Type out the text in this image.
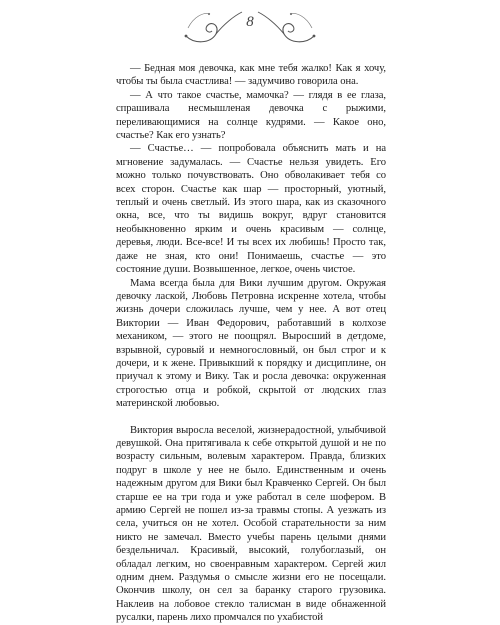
8

— Бедная моя девочка, как мне тебя жалко! Как я хочу, чтобы ты была счастлива! — задумчиво говорила она.

— А что такое счастье, мамочка? — глядя в ее глаза, спрашивала несмышленая девочка с рыжими, переливающимися на солнце кудрями. — Какое оно, счастье? Как его узнать?

— Счастье… — попробовала объяснить мать и на мгновение задумалась. — Счастье нельзя увидеть. Его можно только почувствовать. Оно обволакивает тебя со всех сторон. Счастье как шар — просторный, уютный, теплый и очень светлый. Из этого шара, как из сказочного окна, все, что ты видишь вокруг, вдруг становится необыкновенно ярким и очень красивым — солнце, деревья, люди. Все-все! И ты всех их любишь! Просто так, даже не зная, кто они! Понимаешь, счастье — это состояние души. Возвышенное, легкое, очень чистое.

Мама всегда была для Вики лучшим другом. Окружая девочку лаской, Любовь Петровна искренне хотела, чтобы жизнь дочери сложилась лучше, чем у нее. А вот отец Виктории — Иван Федорович, работавший в колхозе механиком, — этого не поощрял. Выросший в детдоме, взрывной, суровый и немногословный, он был строг и к дочери, и к жене. Привыкший к порядку и дисциплине, он приучал к этому и Вику. Так и росла девочка: окруженная строгостью отца и робкой, скрытой от людских глаз материнской любовью.

Виктория выросла веселой, жизнерадостной, улыбчивой девушкой. Она притягивала к себе открытой душой и не по возрасту сильным, волевым характером. Правда, близких подруг в школе у нее не было. Единственным и очень надежным другом для Вики был Кравченко Сергей. Он был старше ее на три года и уже работал в селе шофером. В армию Сергей не пошел из-за травмы стопы. А уезжать из села, учиться он не хотел. Особой старательности за ним никто не замечал. Вместо учебы парень целыми днями бездельничал. Красивый, высокий, голубоглазый, он обладал легким, но своенравным характером. Сергей жил одним днем. Раздумья о смысле жизни его не посещали. Окончив школу, он сел за баранку старого грузовика. Наклеив на лобовое стекло талисман в виде обнаженной русалки, парень лихо промчался по ухабистой
